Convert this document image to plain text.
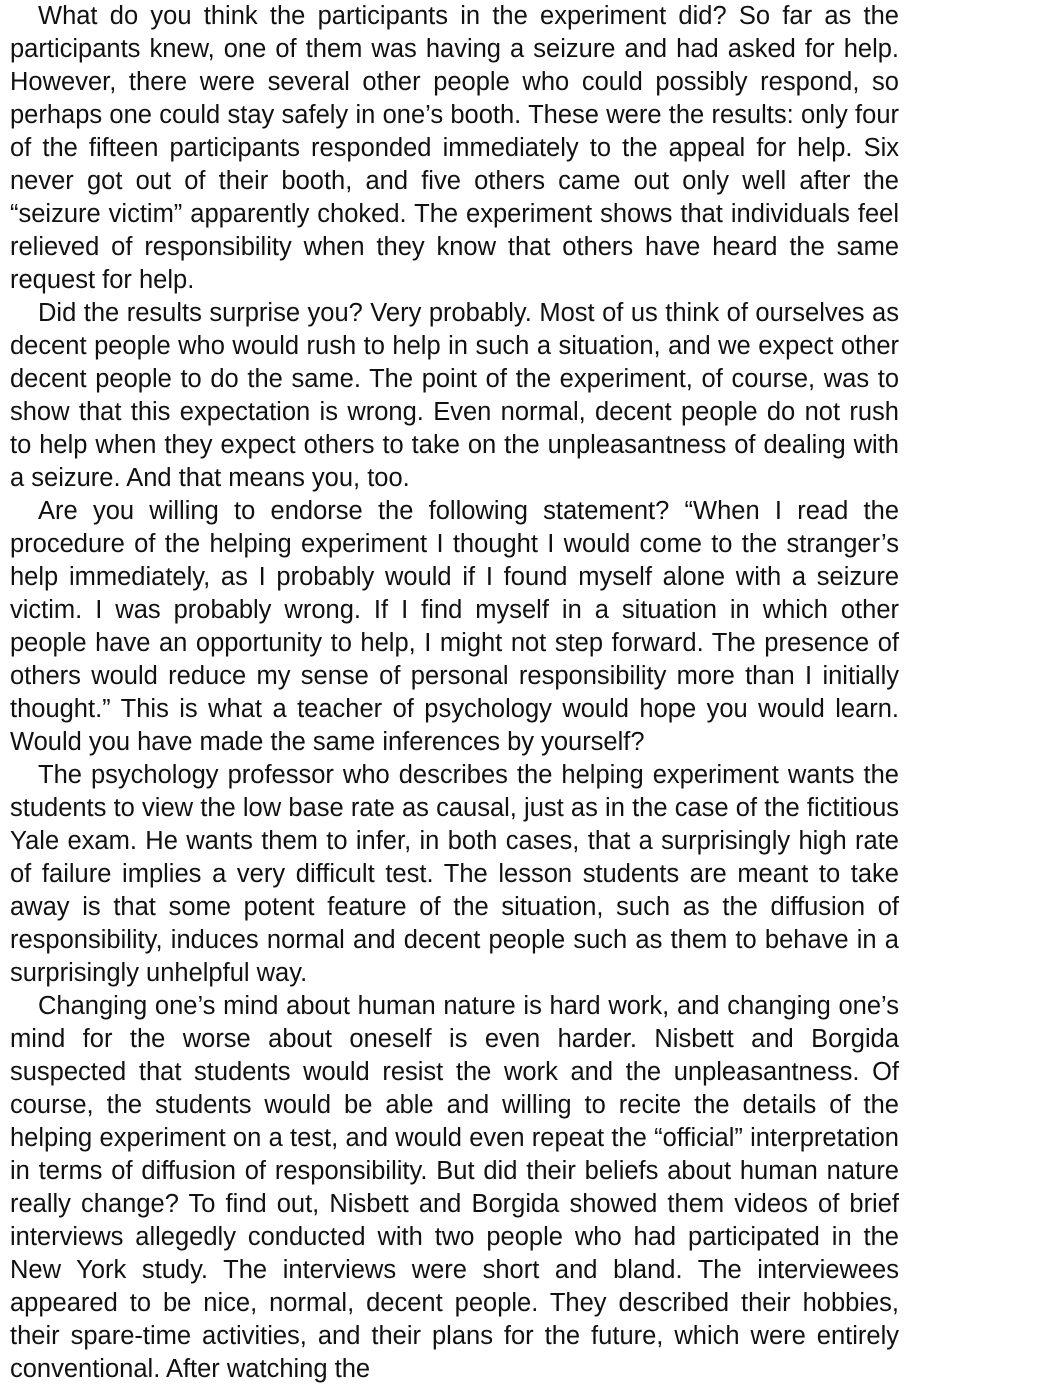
What do you think the participants in the experiment did? So far as the participants knew, one of them was having a seizure and had asked for help. However, there were several other people who could possibly respond, so perhaps one could stay safely in one’s booth. These were the results: only four of the fifteen participants responded immediately to the appeal for help. Six never got out of their booth, and five others came out only well after the “seizure victim” apparently choked. The experiment shows that individuals feel relieved of responsibility when they know that others have heard the same request for help.

Did the results surprise you? Very probably. Most of us think of ourselves as decent people who would rush to help in such a situation, and we expect other decent people to do the same. The point of the experiment, of course, was to show that this expectation is wrong. Even normal, decent people do not rush to help when they expect others to take on the unpleasantness of dealing with a seizure. And that means you, too.

Are you willing to endorse the following statement? “When I read the procedure of the helping experiment I thought I would come to the stranger’s help immediately, as I probably would if I found myself alone with a seizure victim. I was probably wrong. If I find myself in a situation in which other people have an opportunity to help, I might not step forward. The presence of others would reduce my sense of personal responsibility more than I initially thought.” This is what a teacher of psychology would hope you would learn. Would you have made the same inferences by yourself?

The psychology professor who describes the helping experiment wants the students to view the low base rate as causal, just as in the case of the fictitious Yale exam. He wants them to infer, in both cases, that a surprisingly high rate of failure implies a very difficult test. The lesson students are meant to take away is that some potent feature of the situation, such as the diffusion of responsibility, induces normal and decent people such as them to behave in a surprisingly unhelpful way.

Changing one’s mind about human nature is hard work, and changing one’s mind for the worse about oneself is even harder. Nisbett and Borgida suspected that students would resist the work and the unpleasantness. Of course, the students would be able and willing to recite the details of the helping experiment on a test, and would even repeat the “official” interpretation in terms of diffusion of responsibility. But did their beliefs about human nature really change? To find out, Nisbett and Borgida showed them videos of brief interviews allegedly conducted with two people who had participated in the New York study. The interviews were short and bland. The interviewees appeared to be nice, normal, decent people. They described their hobbies, their spare-time activities, and their plans for the future, which were entirely conventional. After watching the
